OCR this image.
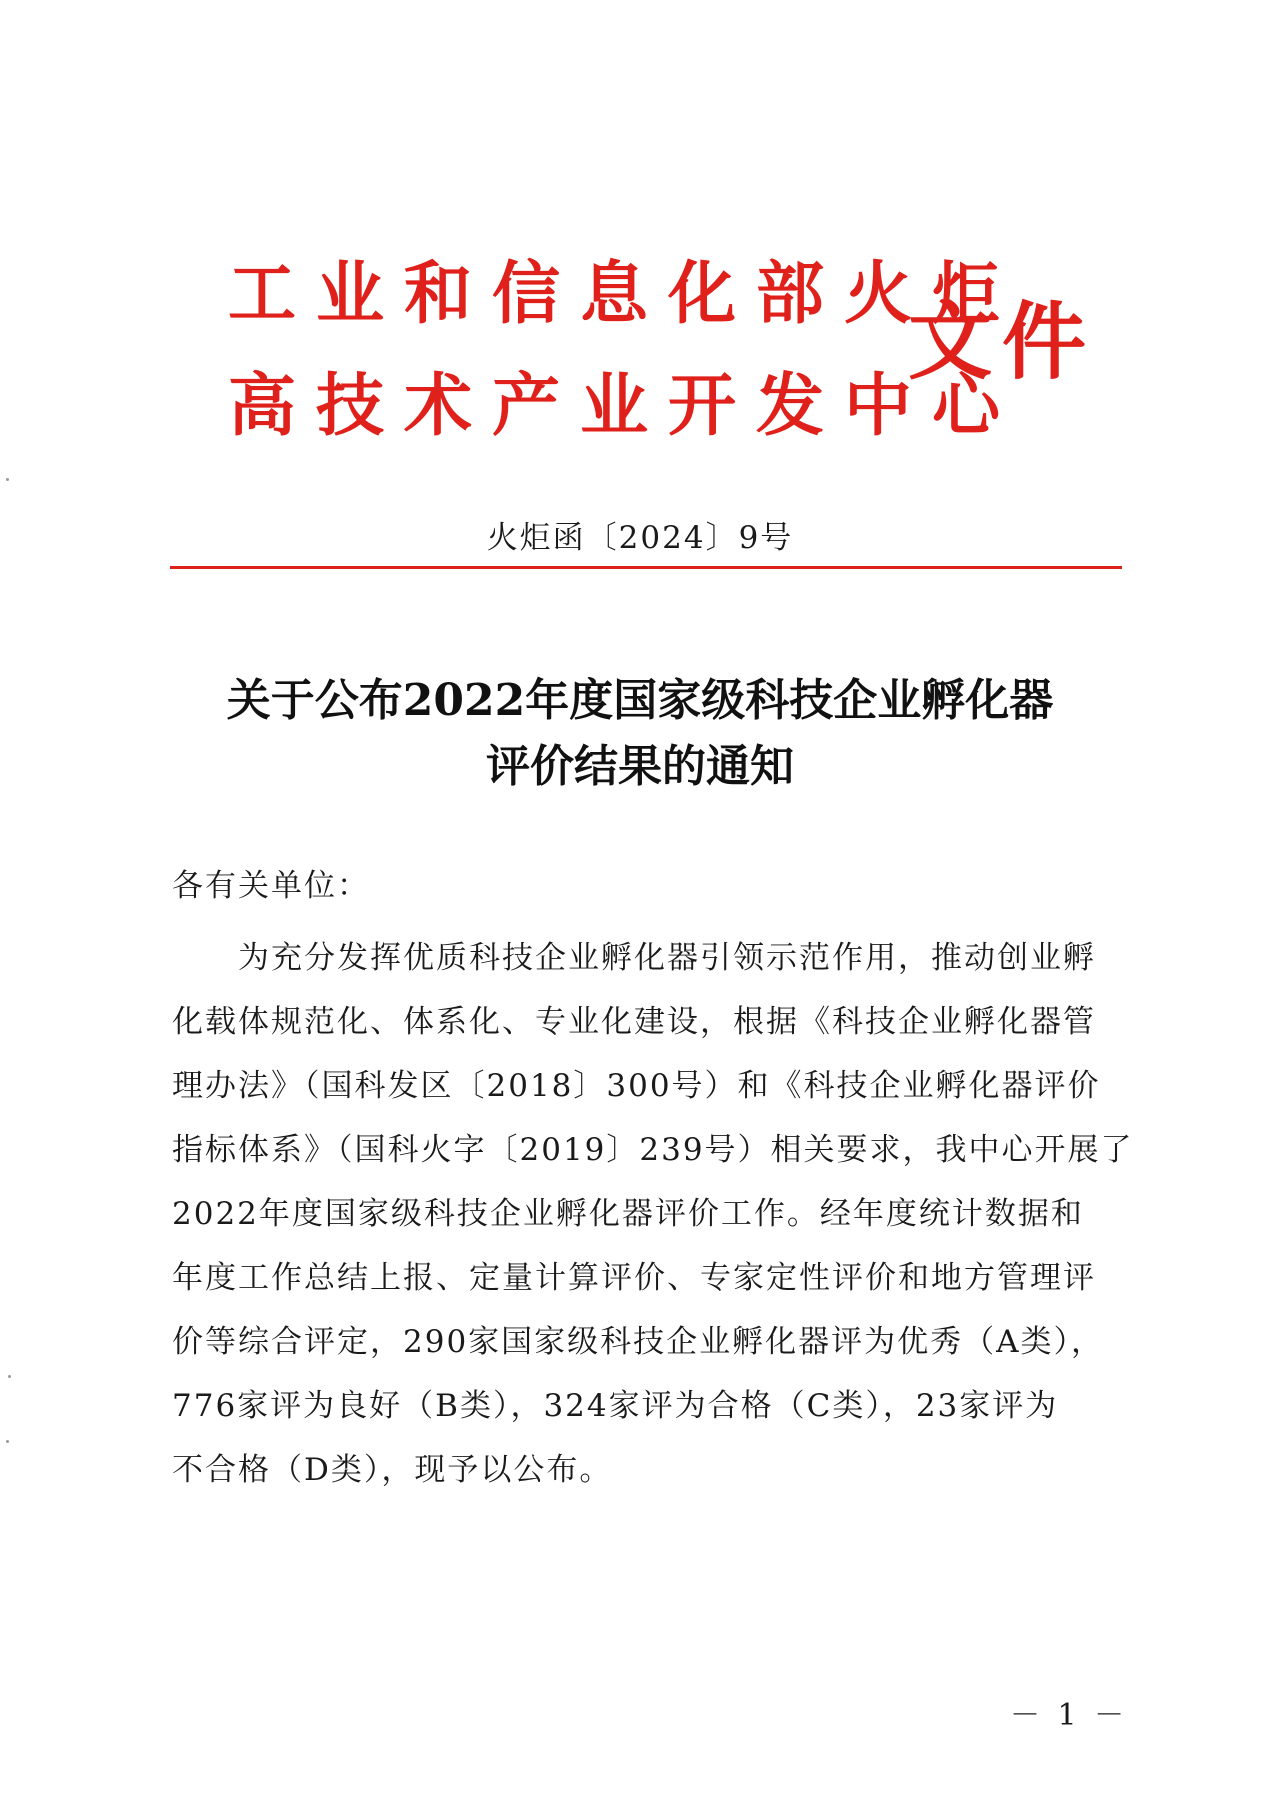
工业和信息化部火炬
高技术产业开发中心
文件
火炬函〔2024〕9号
关于公布2022年度国家级科技企业孵化器
评价结果的通知
各有关单位：
　　为充分发挥优质科技企业孵化器引领示范作用，推动创业孵
化载体规范化、体系化、专业化建设，根据《科技企业孵化器管
理办法》（国科发区〔2018〕300号）和《科技企业孵化器评价
指标体系》（国科火字〔2019〕239号）相关要求，我中心开展了
2022年度国家级科技企业孵化器评价工作。经年度统计数据和
年度工作总结上报、定量计算评价、专家定性评价和地方管理评
价等综合评定，290家国家级科技企业孵化器评为优秀（A类），
776家评为良好（B类），324家评为合格（C类），23家评为
不合格（D类），现予以公布。
－ 1 －
